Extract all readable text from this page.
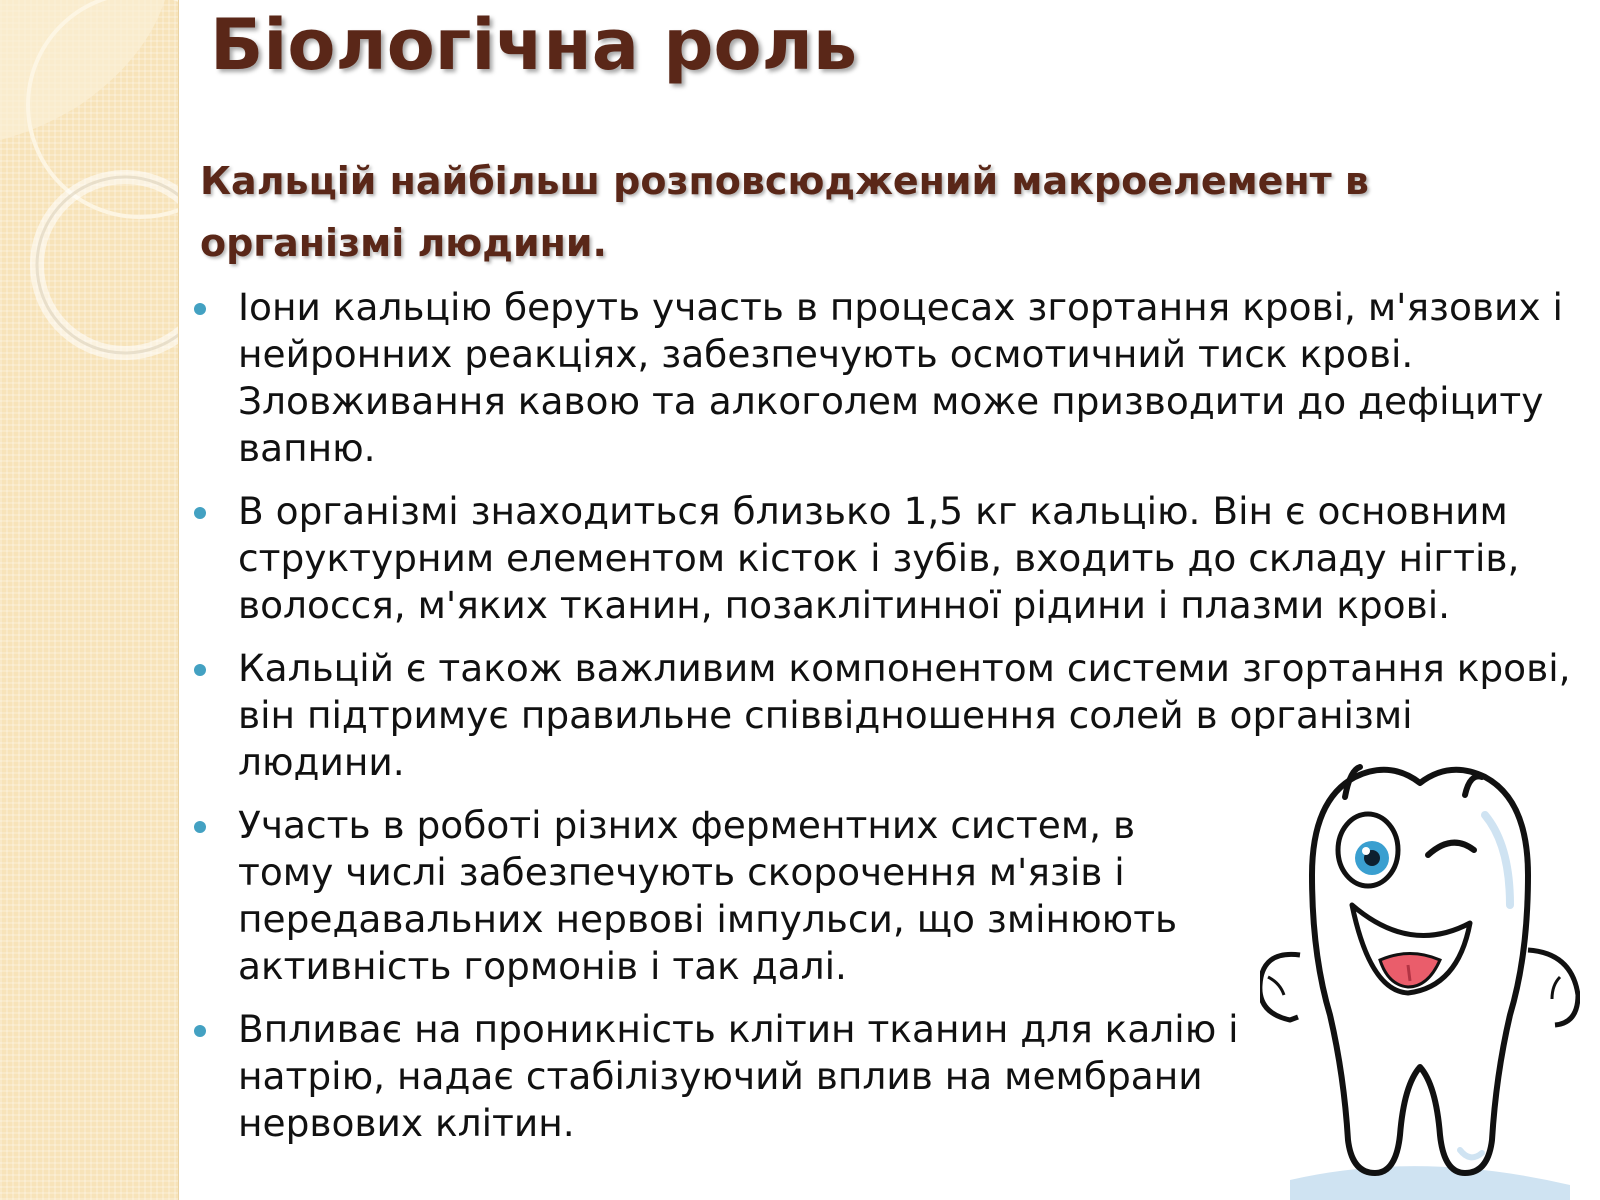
Біологічна роль

Кальцій найбільш розповсюджений макроелемент в організмі людини.

Іони кальцію беруть участь в процесах згортання крові, м'язових і нейронних реакціях, забезпечують осмотичний тиск крові. Зловживання кавою та алкоголем може призводити до дефіциту вапню.
В організмі знаходиться близько 1,5 кг кальцію. Він є основним структурним елементом кісток і зубів, входить до складу нігтів, волосся, м'яких тканин, позаклітинної рідини і плазми крові.
Кальцій є також важливим компонентом системи згортання крові, він підтримує правильне співвідношення солей в організмі людини.
Участь в роботі різних ферментних систем, в тому числі забезпечують скорочення м'язів і передавальних нервові імпульси, що змінюють активність гормонів і так далі.
Впливає на проникність клітин тканин для калію і натрію, надає стабілізуючий вплив на мембрани нервових клітин.
